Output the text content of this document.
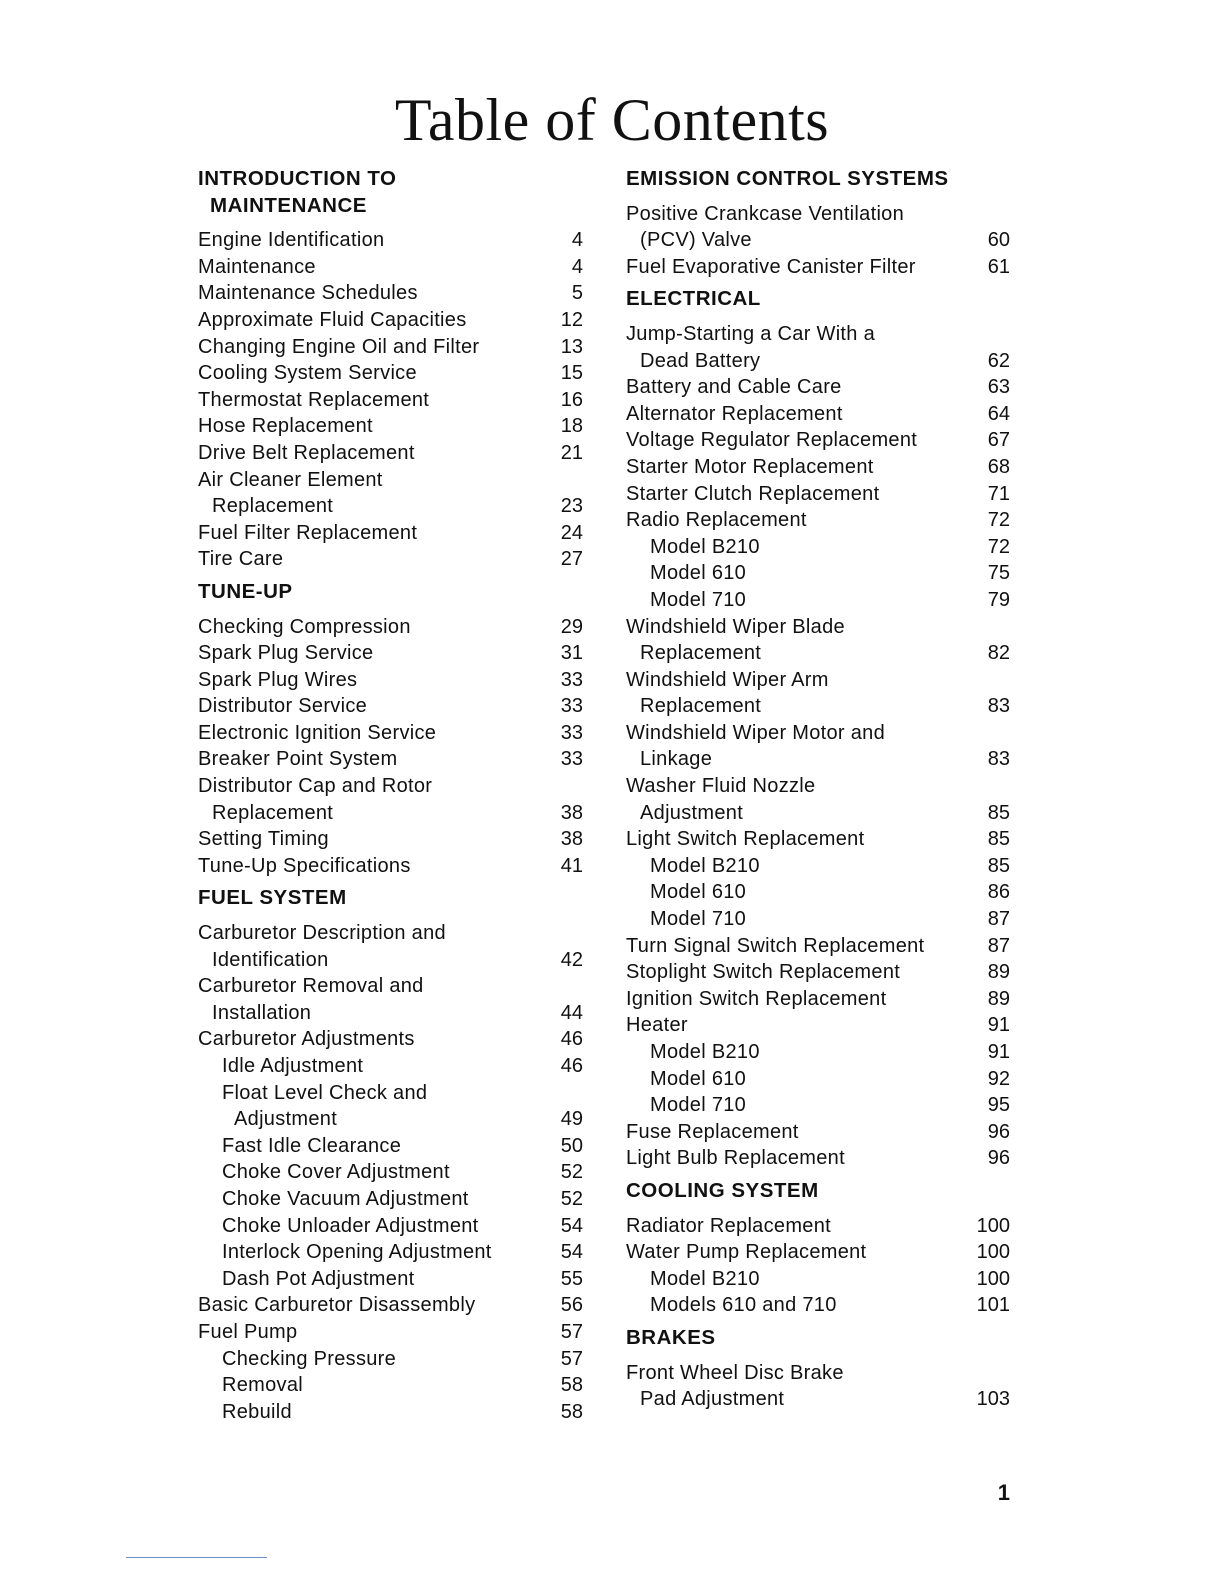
Table of Contents
INTRODUCTION TO

MAINTENANCE
Engine Identification	4
Maintenance	4
Maintenance Schedules	5
Approximate Fluid Capacities	12
Changing Engine Oil and Filter	13
Cooling System Service	15
Thermostat Replacement	16
Hose Replacement	18
Drive Belt Replacement	21
Air Cleaner Element
Replacement	23
Fuel Filter Replacement	24
Tire Care	27
TUNE-UP
Checking Compression	29
Spark Plug Service	31
Spark Plug Wires	33
Distributor Service	33
Electronic Ignition Service	33
Breaker Point System	33
Distributor Cap and Rotor
Replacement	38
Setting Timing	38
Tune-Up Specifications	41
FUEL SYSTEM
Carburetor Description and
Identification	42
Carburetor Removal and
Installation	44
Carburetor Adjustments	46
Idle Adjustment	46
Float Level Check and
Adjustment	49
Fast Idle Clearance	50
Choke Cover Adjustment	52
Choke Vacuum Adjustment	52
Choke Unloader Adjustment	54
Interlock Opening Adjustment	54
Dash Pot Adjustment	55
Basic Carburetor Disassembly	56
Fuel Pump	57
Checking Pressure	57
Removal	58
Rebuild	58
EMISSION CONTROL SYSTEMS
Positive Crankcase Ventilation
(PCV) Valve	60
Fuel Evaporative Canister Filter	61
ELECTRICAL
Jump-Starting a Car With a
Dead Battery	62
Battery and Cable Care	63
Alternator Replacement	64
Voltage Regulator Replacement	67
Starter Motor Replacement	68
Starter Clutch Replacement	71
Radio Replacement	72
Model B210	72
Model 610	75
Model 710	79
Windshield Wiper Blade
Replacement	82
Windshield Wiper Arm
Replacement	83
Windshield Wiper Motor and
Linkage	83
Washer Fluid Nozzle
Adjustment	85
Light Switch Replacement	85
Model B210	85
Model 610	86
Model 710	87
Turn Signal Switch Replacement	87
Stoplight Switch Replacement	89
Ignition Switch Replacement	89
Heater	91
Model B210	91
Model 610	92
Model 710	95
Fuse Replacement	96
Light Bulb Replacement	96
COOLING SYSTEM
Radiator Replacement	100
Water Pump Replacement	100
Model B210	100
Models 610 and 710	101
BRAKES
Front Wheel Disc Brake
Pad Adjustment	103
1
